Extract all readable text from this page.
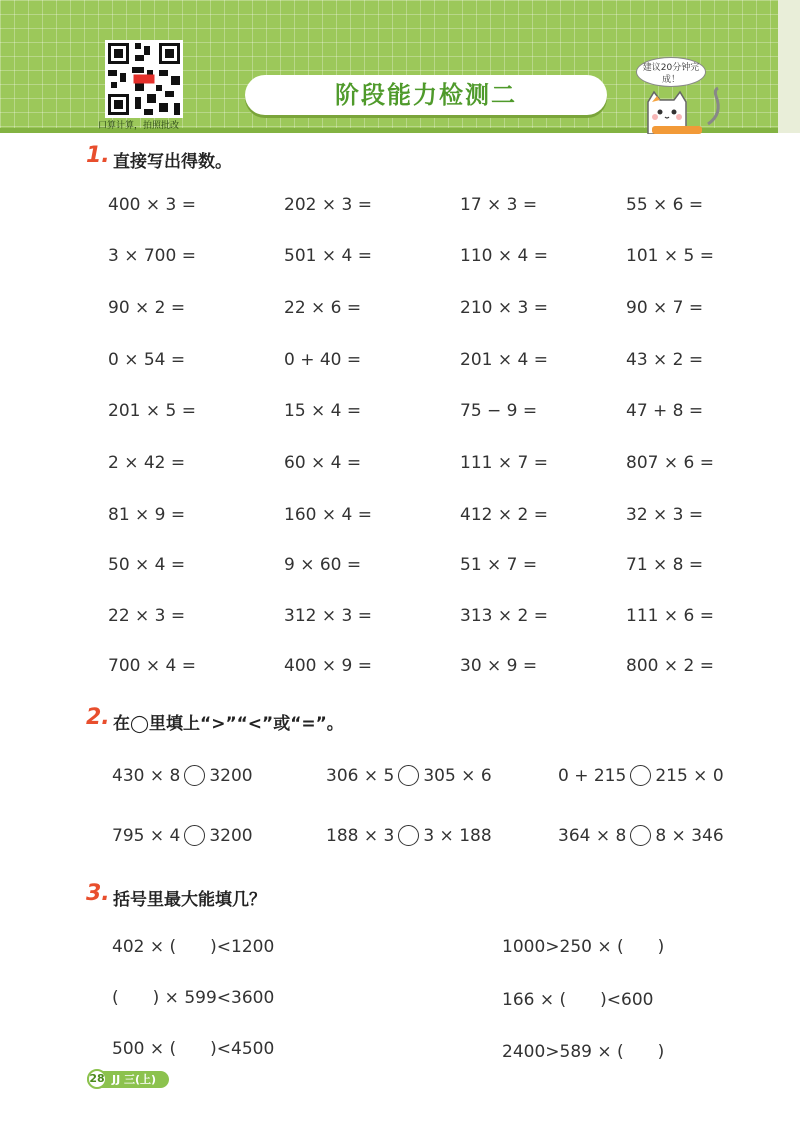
口算计算，拍照批改
阶段能力检测二
建议20分钟完成！
1. 直接写出得数。
400 × 3 =	202 × 3 =	17 × 3 =	55 × 6 =
3 × 700 =	501 × 4 =	110 × 4 =	101 × 5 =
90 × 2 =	22 × 6 =	210 × 3 =	90 × 7 =
0 × 54 =	0 + 40 =	201 × 4 =	43 × 2 =
201 × 5 =	15 × 4 =	75 − 9 =	47 + 8 =
2 × 42 =	60 × 4 =	111 × 7 =	807 × 6 =
81 × 9 =	160 × 4 =	412 × 2 =	32 × 3 =
50 × 4 =	9 × 60 =	51 × 7 =	71 × 8 =
22 × 3 =	312 × 3 =	313 × 2 =	111 × 6 =
700 × 4 =	400 × 9 =	30 × 9 =	800 × 2 =
2. 在◯里填上“>”“<”或“=”。
430 × 8 3200	306 × 5 305 × 6	0 + 215 215 × 0
795 × 4 3200	188 × 3 3 × 188	364 × 8 8 × 346
3. 括号里最大能填几？
402 × (　　)<1200	1000>250 × (　　)
(　　) × 599<3600	166 × (　　)<600
500 × (　　)<4500	2400>589 × (　　)
28 JJ 三(上)
